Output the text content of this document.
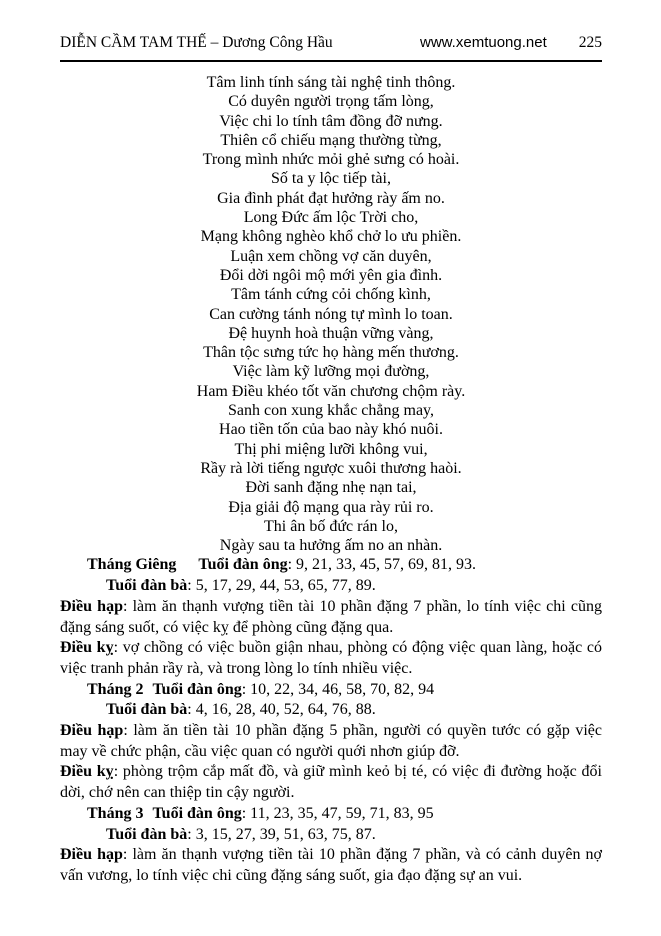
DIỄN CẦM TAM THẾ – Dương Công Hầu	www.xemtuong.net 225
Tâm linh tính sáng tài nghệ tinh thông.
Có duyên người trọng tấm lòng,
Việc chi lo tính tâm đồng đỡ nưng.
Thiên cổ chiếu mạng thường từng,
Trong mình nhức mỏi ghẻ sưng có hoài.
Số ta y lộc tiếp tài,
Gia đình phát đạt hưởng rày ấm no.
Long Đức ấm lộc Trời cho,
Mạng không nghèo khổ chở lo ưu phiền.
Luận xem chồng vợ căn duyên,
Đổi dời ngôi mộ mới yên gia đình.
Tâm tánh cứng cỏi chống kình,
Can cường tánh nóng tự mình lo toan.
Đệ huynh hoà thuận vững vàng,
Thân tộc sưng tức họ hàng mến thương.
Việc làm kỹ lưỡng mọi đường,
Ham Điều khéo tốt văn chương chộm rày.
Sanh con xung khắc chẳng may,
Hao tiền tốn của bao này khó nuôi.
Thị phi miệng lưỡi không vui,
Rầy rà lời tiếng ngược xuôi thương haòi.
Đời sanh đặng nhẹ nạn tai,
Địa giải độ mạng qua rày rủi ro.
Thi ân bố đức rán lo,
Ngày sau ta hưởng ấm no an nhàn.

Tháng Giêng Tuổi đàn ông: 9, 21, 33, 45, 57, 69, 81, 93.

Tuổi đàn bà: 5, 17, 29, 44, 53, 65, 77, 89.

Điều hạp: làm ăn thạnh vượng tiền tài 10 phần đặng 7 phần, lo tính việc chi cũng đặng sáng suốt, có việc kỵ để phòng cũng đặng qua.

Điều kỵ: vợ chồng có việc buồn giận nhau, phòng có động việc quan làng, hoặc có việc tranh phản rầy rà, và trong lòng lo tính nhiều việc.

Tháng 2 Tuổi đàn ông: 10, 22, 34, 46, 58, 70, 82, 94

Tuổi đàn bà: 4, 16, 28, 40, 52, 64, 76, 88.

Điều hạp: làm ăn tiền tài 10 phần đặng 5 phần, người có quyền tước có gặp việc may về chức phận, cầu việc quan có người quới nhơn giúp đỡ.

Điều kỵ: phòng trộm cắp mất đồ, và giữ mình keỏ bị té, có việc đi đường hoặc đổi dời, chớ nên can thiệp tin cậy người.

Tháng 3 Tuổi đàn ông: 11, 23, 35, 47, 59, 71, 83, 95

Tuổi đàn bà: 3, 15, 27, 39, 51, 63, 75, 87.

Điều hạp: làm ăn thạnh vượng tiền tài 10 phần đặng 7 phần, và có cảnh duyên nợ vấn vương, lo tính việc chi cũng đặng sáng suốt, gia đạo đặng sự an vui.
